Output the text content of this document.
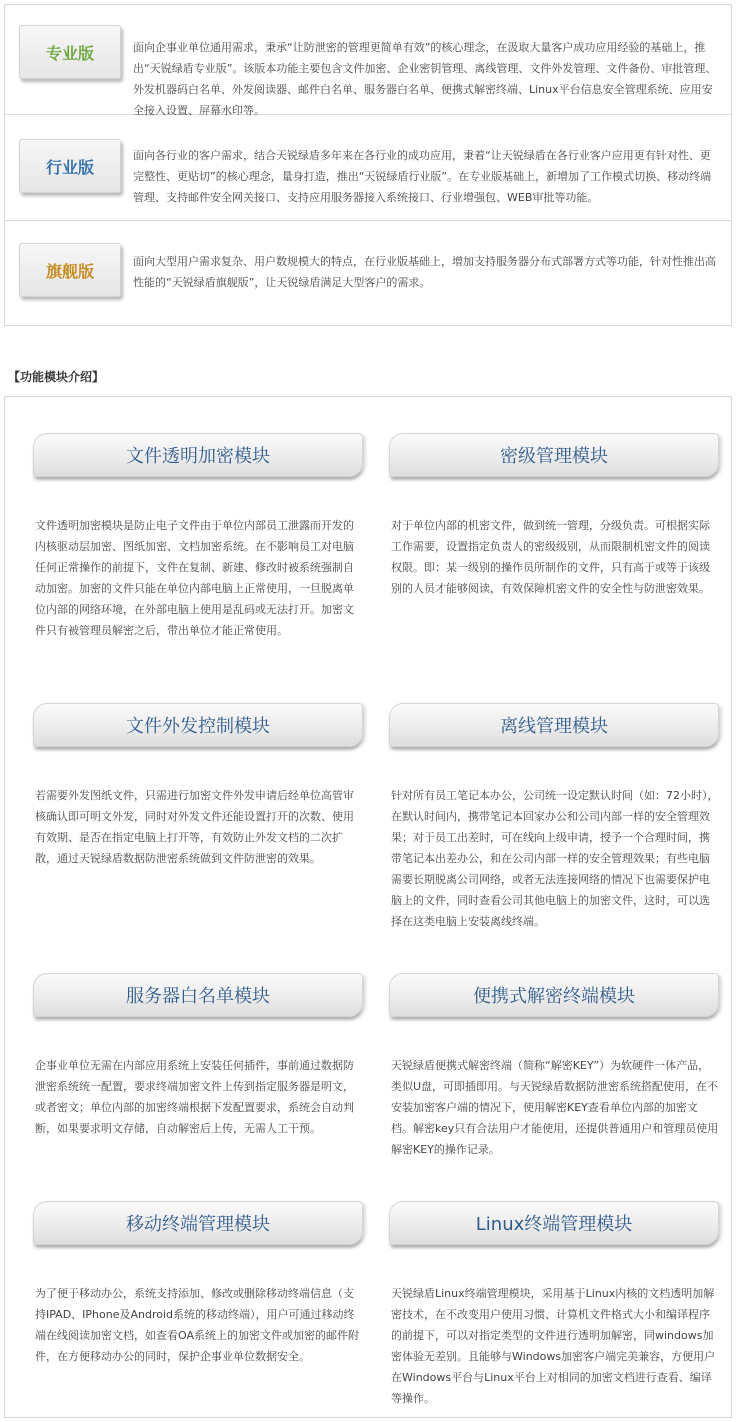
专业版	面向企事业单位通用需求，秉承“让防泄密的管理更简单有效”的核心理念，在汲取大量客户成功应用经验的基础上，推出“天锐绿盾专业版”。该版本功能主要包含文件加密、企业密钥管理、离线管理、文件外发管理、文件备份、审批管理、外发机器码白名单、外发阅读器、邮件白名单、服务器白名单、便携式解密终端、Linux平台信息安全管理系统、应用安全接入设置、屏幕水印等。

行业版

面向各行业的客户需求，结合天锐绿盾多年来在各行业的成功应用，秉着“让天锐绿盾在各行业客户应用更有针对性、更完整性、更贴切”的核心理念，量身打造，推出“天锐绿盾行业版”。在专业版基础上，新增加了工作模式切换、移动终端管理、支持邮件安全网关接口、支持应用服务器接入系统接口、行业增强包、WEB审批等功能。

旗舰版	面向大型用户需求复杂、用户数规模大的特点，在行业版基础上，增加支持服务器分布式部署方式等功能，针对性推出高性能的“天锐绿盾旗舰版”，让天锐绿盾满足大型客户的需求。

【功能模块介绍】

文件透明加密模块

文件透明加密模块是防止电子文件由于单位内部员工泄露而开发的内核驱动层加密、图纸加密、文档加密系统。在不影响员工对电脑任何正常操作的前提下，文件在复制、新建、修改时被系统强制自动加密。加密的文件只能在单位内部电脑上正常使用，一旦脱离单位内部的网络环境，在外部电脑上使用是乱码或无法打开。加密文件只有被管理员解密之后，带出单位才能正常使用。

密级管理模块

对于单位内部的机密文件，做到统一管理，分级负责。可根据实际工作需要，设置指定负责人的密级级别，从而限制机密文件的阅读权限。即：某一级别的操作员所制作的文件，只有高于或等于该级别的人员才能够阅读，有效保障机密文件的安全性与防泄密效果。

文件外发控制模块

若需要外发图纸文件，只需进行加密文件外发申请后经单位高管审核确认即可明文外发，同时对外发文件还能设置打开的次数、使用有效期、是否在指定电脑上打开等，有效防止外发文档的二次扩散，通过天锐绿盾数据防泄密系统做到文件防泄密的效果。

离线管理模块

针对所有员工笔记本办公，公司统一设定默认时间（如：72小时），在默认时间内，携带笔记本回家办公和公司内部一样的安全管理效果；对于员工出差时，可在线向上级申请，授予一个合理时间，携带笔记本出差办公，和在公司内部一样的安全管理效果；有些电脑需要长期脱离公司网络，或者无法连接网络的情况下也需要保护电脑上的文件，同时查看公司其他电脑上的加密文件，这时，可以选择在这类电脑上安装离线终端。

服务器白名单模块

企事业单位无需在内部应用系统上安装任何插件，事前通过数据防泄密系统统一配置，要求终端加密文件上传到指定服务器是明文，或者密文；单位内部的加密终端根据下发配置要求，系统会自动判断，如果要求明文存储，自动解密后上传，无需人工干预。

便携式解密终端模块

天锐绿盾便携式解密终端（简称“解密KEY”）为软硬件一体产品，类似U盘，可即插即用。与天锐绿盾数据防泄密系统搭配使用，在不安装加密客户端的情况下，使用解密KEY查看单位内部的加密文档。解密key只有合法用户才能使用，还提供普通用户和管理员使用解密KEY的操作记录。

移动终端管理模块

为了便于移动办公，系统支持添加、修改或删除移动终端信息（支持IPAD、IPhone及Android系统的移动终端），用户可通过移动终端在线阅读加密文档，如查看OA系统上的加密文件或加密的邮件附件，在方便移动办公的同时，保护企事业单位数据安全。

Linux终端管理模块

天锐绿盾Linux终端管理模块，采用基于Linux内核的文档透明加解密技术，在不改变用户使用习惯、计算机文件格式大小和编译程序的前提下，可以对指定类型的文件进行透明加解密，同windows加密体验无差别。且能够与Windows加密客户端完美兼容，方便用户在Windows平台与Linux平台上对相同的加密文档进行查看、编译等操作。
